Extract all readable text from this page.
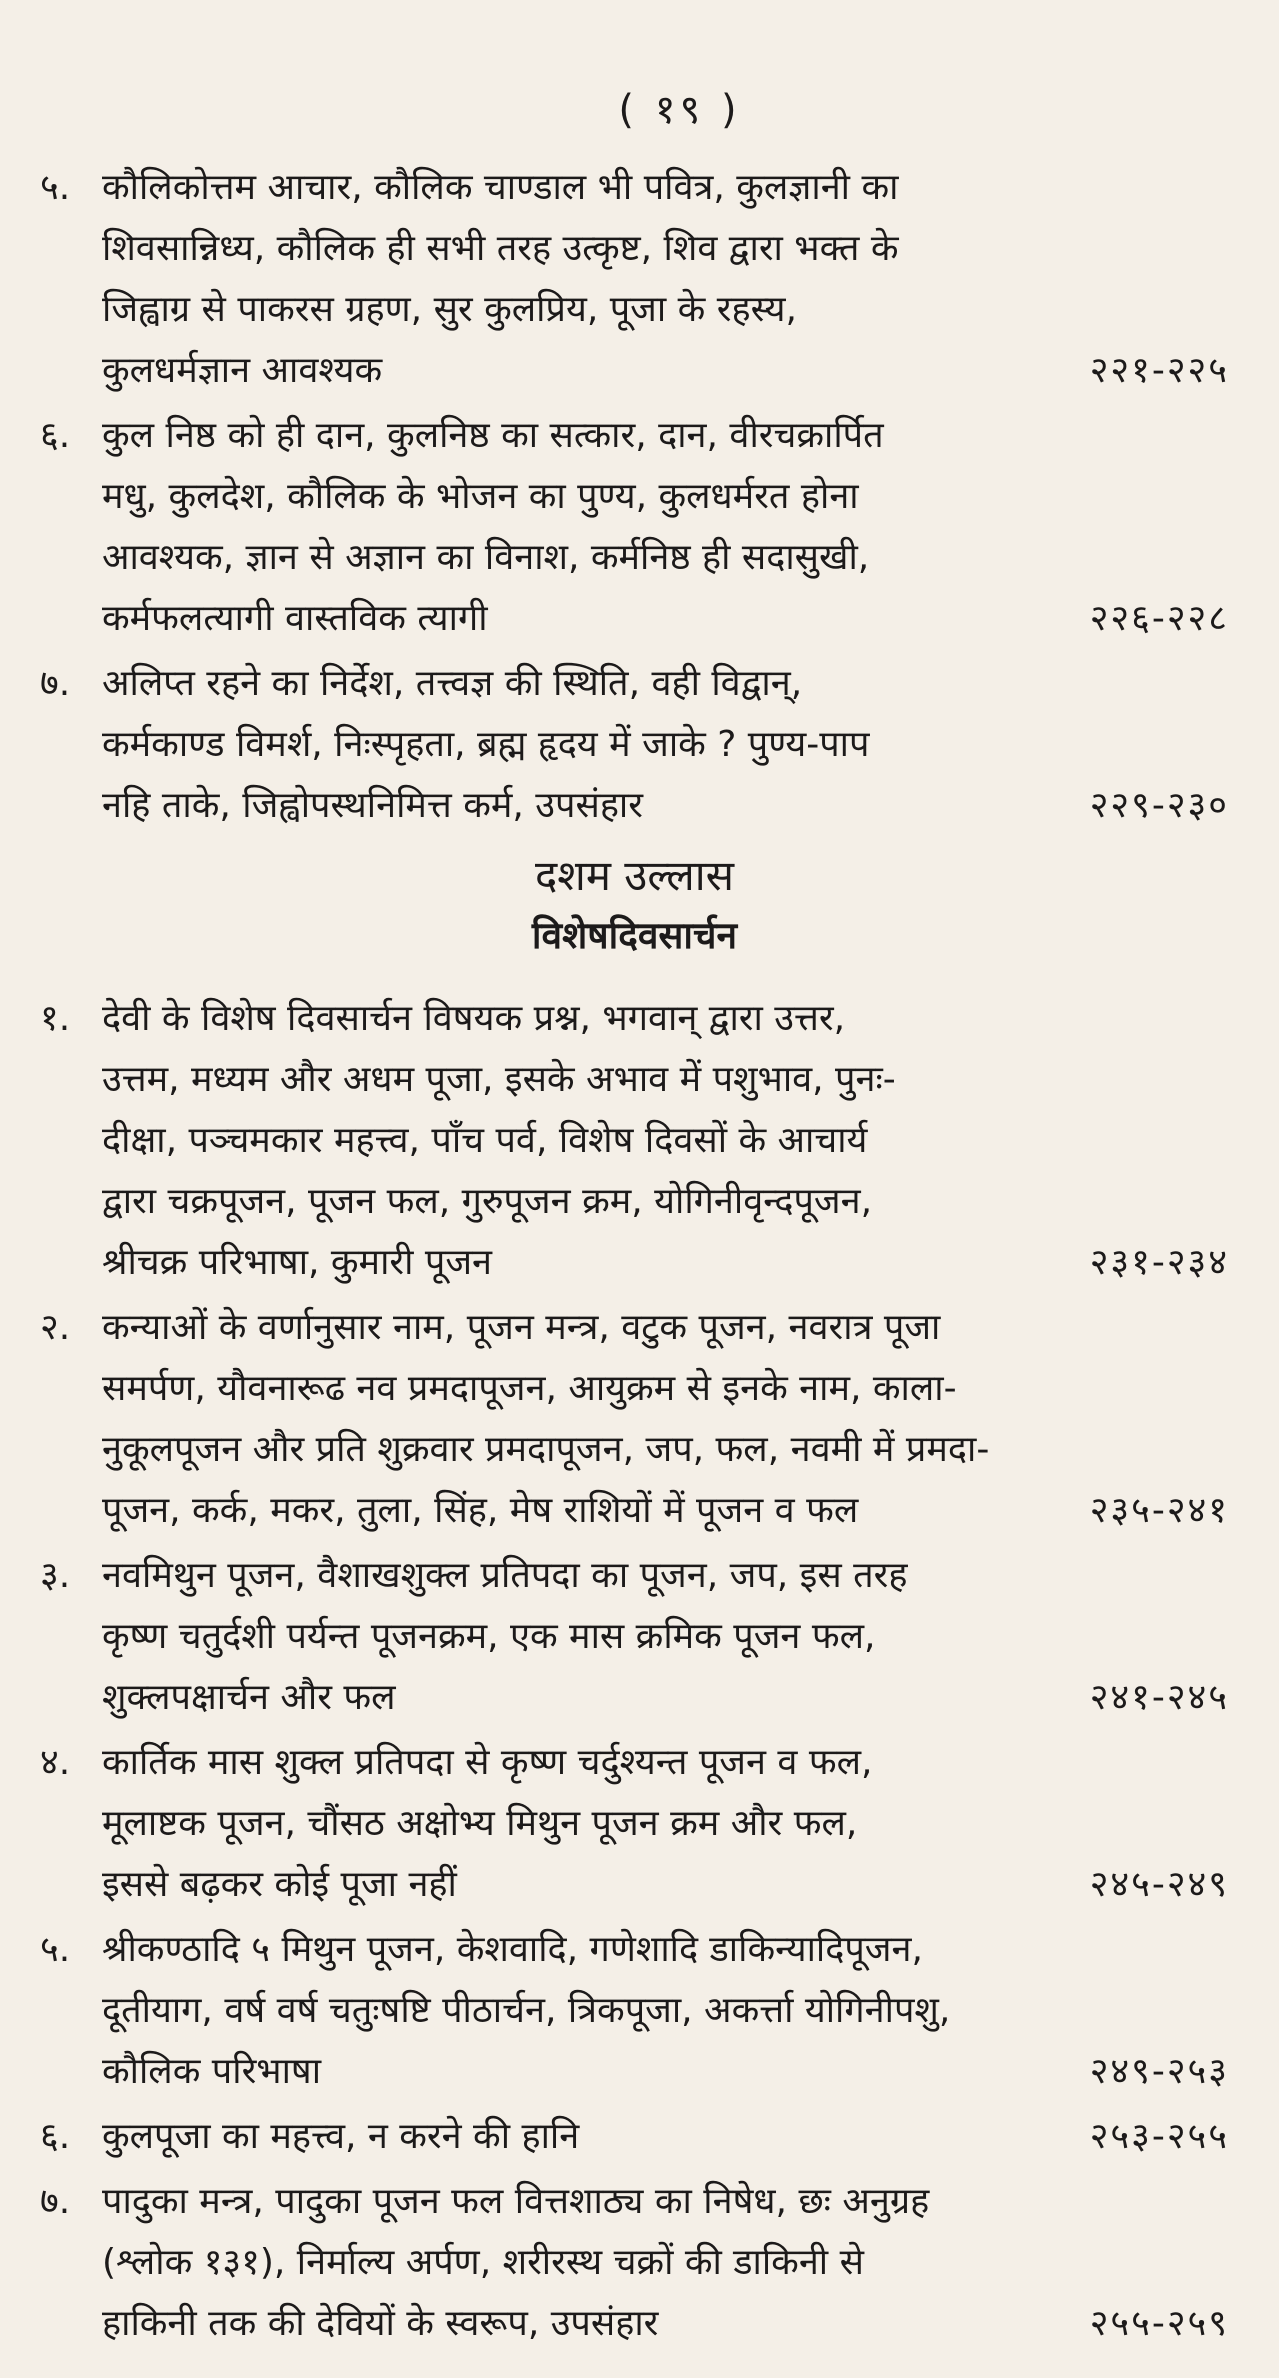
( १९ )
५. कौलिकोत्तम आचार, कौलिक चाण्डाल भी पवित्र, कुलज्ञानी का
शिवसान्निध्य, कौलिक ही सभी तरह उत्कृष्ट, शिव द्वारा भक्त के
जिह्वाग्र से पाकरस ग्रहण, सुर कुलप्रिय, पूजा के रहस्य,
कुलधर्मज्ञान आवश्यक	२२१-२२५
६. कुल निष्ठ को ही दान, कुलनिष्ठ का सत्कार, दान, वीरचक्रार्पित
मधु, कुलदेश, कौलिक के भोजन का पुण्य, कुलधर्मरत होना
आवश्यक, ज्ञान से अज्ञान का विनाश, कर्मनिष्ठ ही सदासुखी,
कर्मफलत्यागी वास्तविक त्यागी	२२६-२२८
७. अलिप्त रहने का निर्देश, तत्त्वज्ञ की स्थिति, वही विद्वान्,
कर्मकाण्ड विमर्श, निःस्पृहता, ब्रह्म हृदय में जाके ? पुण्य-पाप
नहि ताके, जिह्वोपस्थनिमित्त कर्म, उपसंहार	२२९-२३०
दशम उल्लास
विशेषदिवसार्चन
१. देवी के विशेष दिवसार्चन विषयक प्रश्न, भगवान् द्वारा उत्तर,
उत्तम, मध्यम और अधम पूजा, इसके अभाव में पशुभाव, पुनः-
दीक्षा, पञ्चमकार महत्त्व, पाँच पर्व, विशेष दिवसों के आचार्य
द्वारा चक्रपूजन, पूजन फल, गुरुपूजन क्रम, योगिनीवृन्दपूजन,
श्रीचक्र परिभाषा, कुमारी पूजन	२३१-२३४
२. कन्याओं के वर्णानुसार नाम, पूजन मन्त्र, वटुक पूजन, नवरात्र पूजा
समर्पण, यौवनारूढ नव प्रमदापूजन, आयुक्रम से इनके नाम, काला-
नुकूलपूजन और प्रति शुक्रवार प्रमदापूजन, जप, फल, नवमी में प्रमदा-
पूजन, कर्क, मकर, तुला, सिंह, मेष राशियों में पूजन व फल	२३५-२४१
३. नवमिथुन पूजन, वैशाखशुक्ल प्रतिपदा का पूजन, जप, इस तरह
कृष्ण चतुर्दशी पर्यन्त पूजनक्रम, एक मास क्रमिक पूजन फल,
शुक्लपक्षार्चन और फल	२४१-२४५
४. कार्तिक मास शुक्ल प्रतिपदा से कृष्ण चर्दुश्यन्त पूजन व फल,
मूलाष्टक पूजन, चौंसठ अक्षोभ्य मिथुन पूजन क्रम और फल,
इससे बढ़कर कोई पूजा नहीं	२४५-२४९
५. श्रीकण्ठादि ५ मिथुन पूजन, केशवादि, गणेशादि डाकिन्यादिपूजन,
दूतीयाग, वर्ष वर्ष चतुःषष्टि पीठार्चन, त्रिकपूजा, अकर्त्ता योगिनीपशु,
कौलिक परिभाषा	२४९-२५३
६. कुलपूजा का महत्त्व, न करने की हानि	२५३-२५५
७. पादुका मन्त्र, पादुका पूजन फल वित्तशाठ्य का निषेध, छः अनुग्रह
(श्लोक १३१), निर्माल्य अर्पण, शरीरस्थ चक्रों की डाकिनी से
हाकिनी तक की देवियों के स्वरूप, उपसंहार	२५५-२५९
